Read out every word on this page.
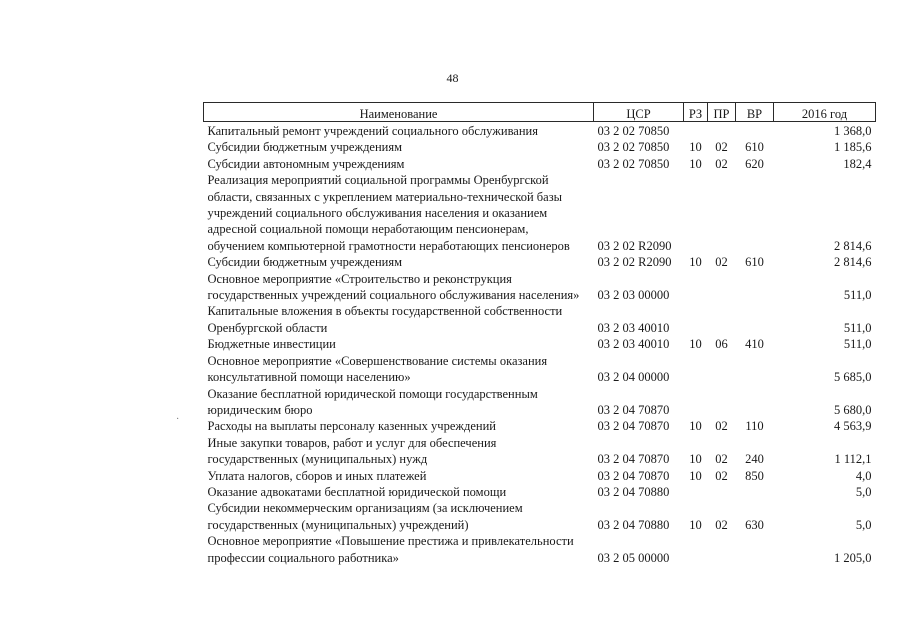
48
·
Наименование	ЦСР	РЗ	ПР	ВР	2016 год
Капитальный ремонт учреждений социального обслуживания	03 2 02 70850				1 368,0
Субсидии бюджетным учреждениям	03 2 02 70850	10	02	610	1 185,6
Субсидии автономным учреждениям	03 2 02 70850	10	02	620	182,4
Реализация мероприятий социальной программы Оренбургской области, связанных с укреплением материально-технической базы учреждений социального обслуживания населения и оказанием адресной социальной помощи неработающим пенсионерам, обучением компьютерной грамотности неработающих пенсионеров	03 2 02 R2090				2 814,6
Субсидии бюджетным учреждениям	03 2 02 R2090	10	02	610	2 814,6
Основное мероприятие «Строительство и реконструкция государственных учреждений социального обслуживания населения»	03 2 03 00000				511,0
Капитальные вложения в объекты государственной собственности Оренбургской области	03 2 03 40010				511,0
Бюджетные инвестиции	03 2 03 40010	10	06	410	511,0
Основное мероприятие «Совершенствование системы оказания консультативной помощи населению»	03 2 04 00000				5 685,0
Оказание бесплатной юридической помощи государственным юридическим бюро	03 2 04 70870				5 680,0
Расходы на выплаты персоналу казенных учреждений	03 2 04 70870	10	02	110	4 563,9
Иные закупки товаров, работ и услуг для обеспечения государственных (муниципальных) нужд	03 2 04 70870	10	02	240	1 112,1
Уплата налогов, сборов и иных платежей	03 2 04 70870	10	02	850	4,0
Оказание адвокатами бесплатной юридической помощи	03 2 04 70880				5,0
Субсидии некоммерческим организациям (за исключением государственных (муниципальных) учреждений)	03 2 04 70880	10	02	630	5,0
Основное мероприятие «Повышение престижа и привлекательности профессии социального работника»	03 2 05 00000				1 205,0
